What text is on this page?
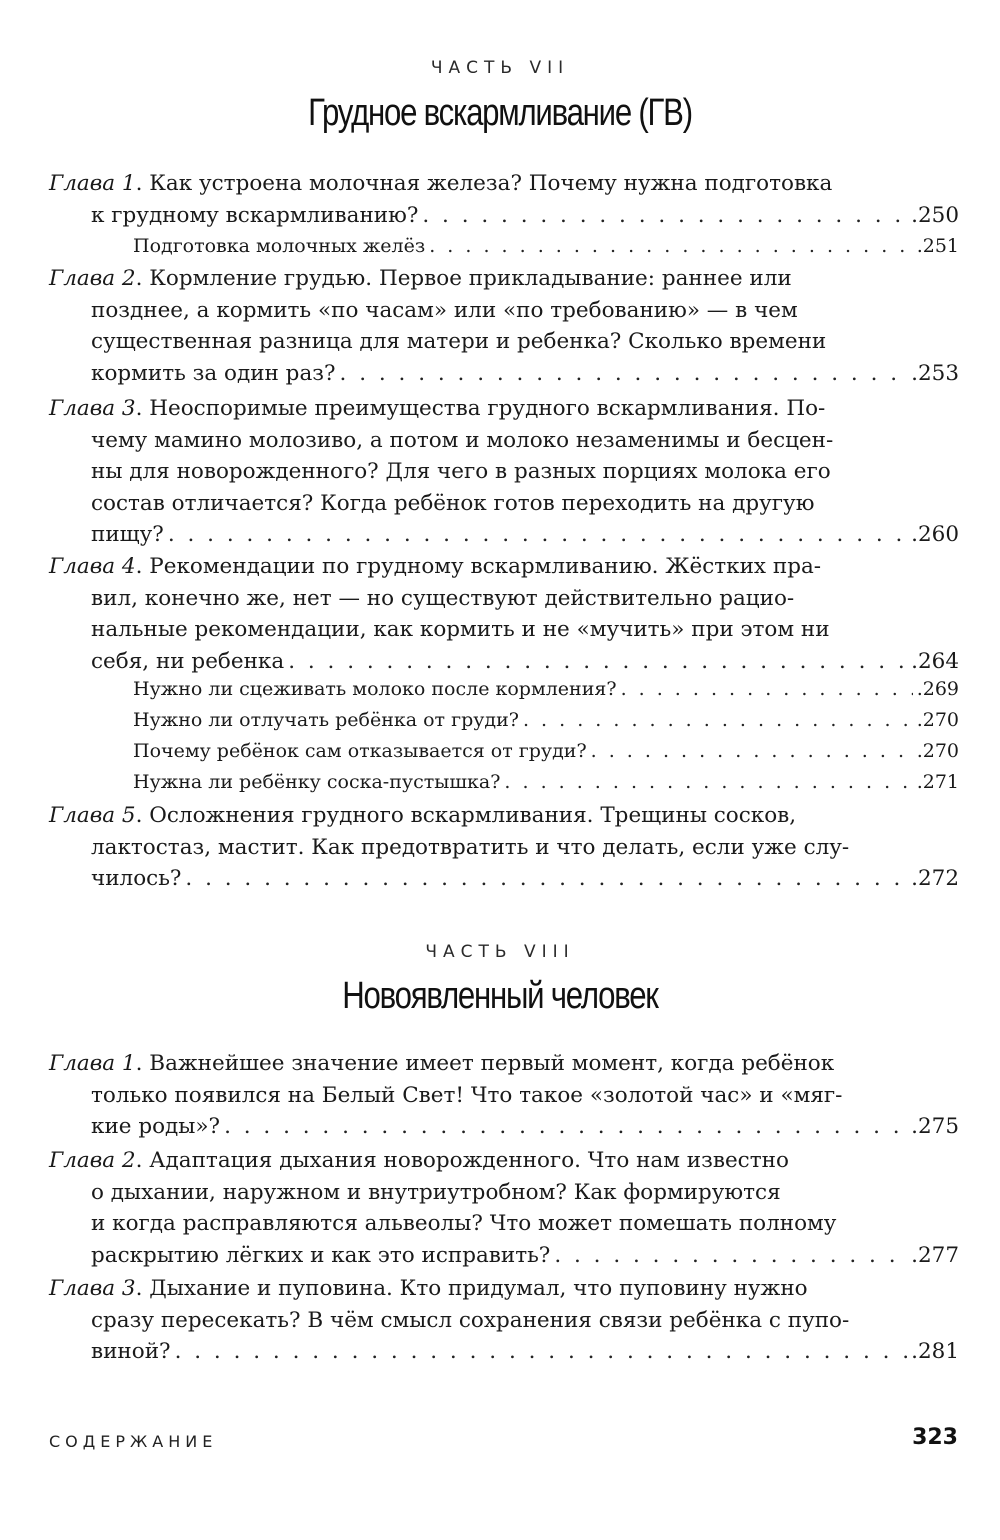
ЧАСТЬ VII
Грудное вскармливание (ГВ)
Глава 1 . Как устроена молочная железа? Почему нужна подготовка
к грудному вскармливанию? . . .	.250
Подготовка молочных желёз . . .	.251
Глава 2 . Кормление грудью. Первое прикладывание: раннее или
позднее, а кормить «по часам» или «по требованию» — в чем
существенная разница для матери и ребенка? Сколько времени
кормить за один раз? . . .	.253
Глава 3 . Неоспоримые преимущества грудного вскармливания. По-
чему мамино молозиво, а потом и молоко незаменимы и бесцен-
ны для новорожденного? Для чего в разных порциях молока его
состав отличается? Когда ребёнок готов переходить на другую
пищу? . . .	.260
Глава 4 . Рекомендации по грудному вскармливанию. Жёстких пра-
вил, конечно же, нет — но существуют действительно рацио-
нальные рекомендации, как кормить и не «мучить» при этом ни
себя, ни ребенка . . .	.264
Нужно ли сцеживать молоко после кормления? . . .	.269
Нужно ли отлучать ребёнка от груди? . . .	.270
Почему ребёнок сам отказывается от груди? . . .	.270
Нужна ли ребёнку соска-пустышка? . . .	.271
Глава 5 . Осложнения грудного вскармливания. Трещины сосков,
лактостаз, мастит. Как предотвратить и что делать, если уже слу-
чилось? . . .	.272
ЧАСТЬ VIII
Новоявленный человек
Глава 1 . Важнейшее значение имеет первый момент, когда ребёнок
только появился на Белый Свет! Что такое «золотой час» и «мяг-
кие роды»? . . .	.275
Глава 2 . Адаптация дыхания новорожденного. Что нам известно
о дыхании, наружном и внутриутробном? Как формируются
и когда расправляются альвеолы? Что может помешать полному
раскрытию лёгких и как это исправить? . . .	.277
Глава 3 . Дыхание и пуповина. Кто придумал, что пуповину нужно
сразу пересекать? В чём смысл сохранения связи ребёнка с пупо-
виной? . . .	.281
СОДЕРЖАНИЕ	323
